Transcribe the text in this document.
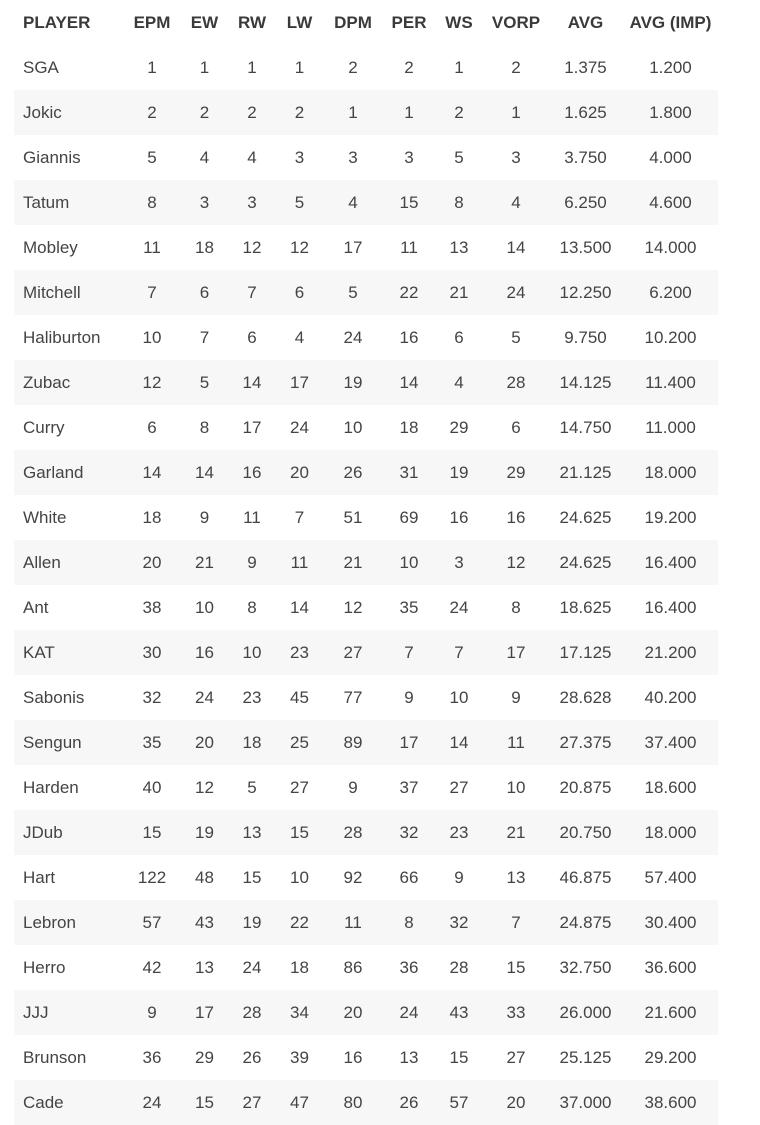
PLAYER	EPM	EW	RW	LW	DPM	PER	WS	VORP	AVG	AVG (IMP)
SGA	1	1	1	1	2	2	1	2	1.375	1.200
Jokic	2	2	2	2	1	1	2	1	1.625	1.800
Giannis	5	4	4	3	3	3	5	3	3.750	4.000
Tatum	8	3	3	5	4	15	8	4	6.250	4.600
Mobley	11	18	12	12	17	11	13	14	13.500	14.000
Mitchell	7	6	7	6	5	22	21	24	12.250	6.200
Haliburton	10	7	6	4	24	16	6	5	9.750	10.200
Zubac	12	5	14	17	19	14	4	28	14.125	11.400
Curry	6	8	17	24	10	18	29	6	14.750	11.000
Garland	14	14	16	20	26	31	19	29	21.125	18.000
White	18	9	11	7	51	69	16	16	24.625	19.200
Allen	20	21	9	11	21	10	3	12	24.625	16.400
Ant	38	10	8	14	12	35	24	8	18.625	16.400
KAT	30	16	10	23	27	7	7	17	17.125	21.200
Sabonis	32	24	23	45	77	9	10	9	28.628	40.200
Sengun	35	20	18	25	89	17	14	11	27.375	37.400
Harden	40	12	5	27	9	37	27	10	20.875	18.600
JDub	15	19	13	15	28	32	23	21	20.750	18.000
Hart	122	48	15	10	92	66	9	13	46.875	57.400
Lebron	57	43	19	22	11	8	32	7	24.875	30.400
Herro	42	13	24	18	86	36	28	15	32.750	36.600
JJJ	9	17	28	34	20	24	43	33	26.000	21.600
Brunson	36	29	26	39	16	13	15	27	25.125	29.200
Cade	24	15	27	47	80	26	57	20	37.000	38.600
